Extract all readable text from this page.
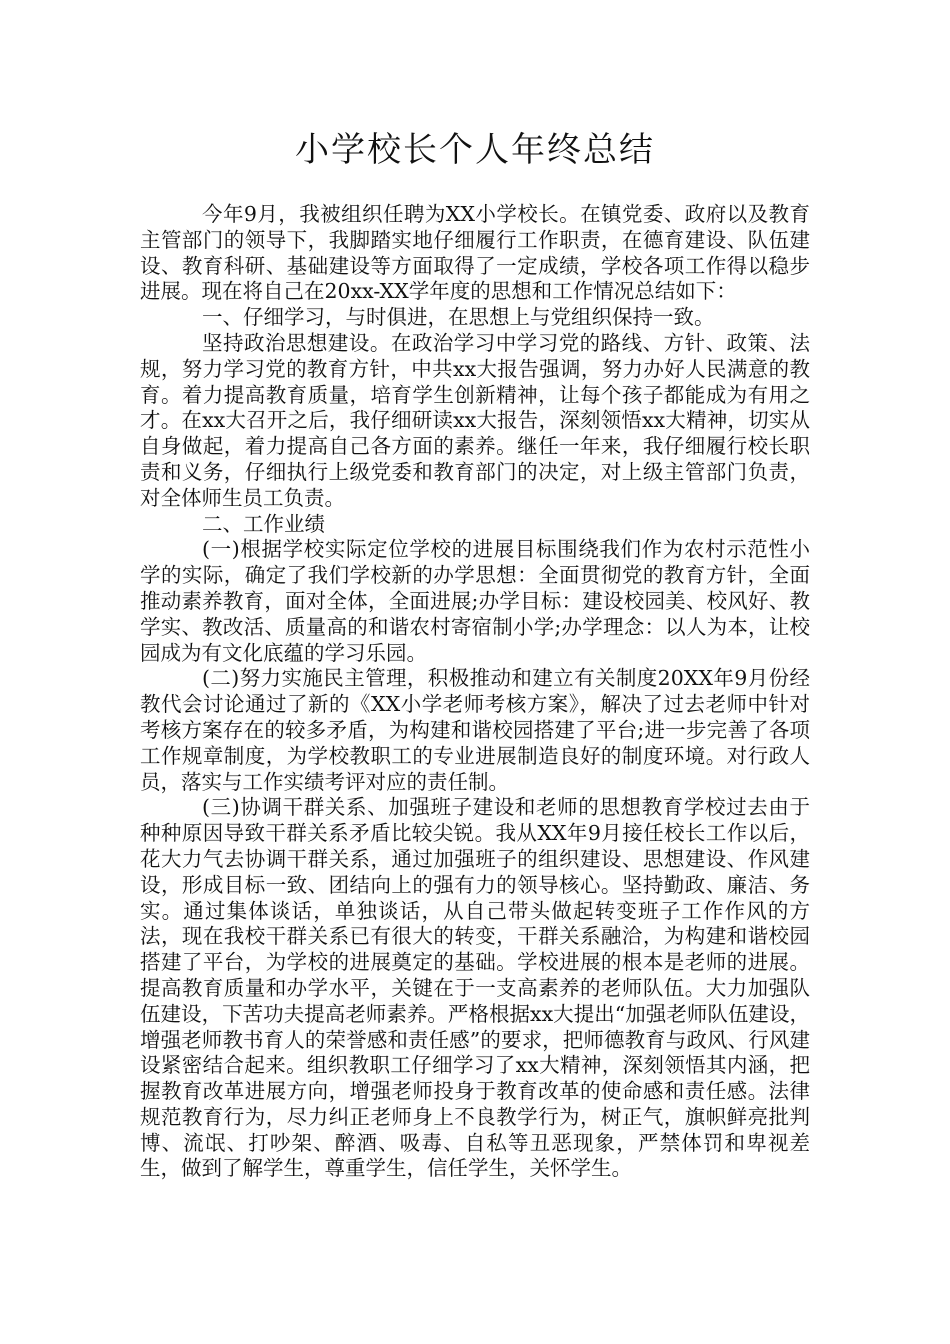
小学校长个人年终总结

今年9月，我被组织任聘为XX小学校长。在镇党委、政府以及教育主管部门的领导下，我脚踏实地仔细履行工作职责，在德育建设、队伍建设、教育科研、基础建设等方面取得了一定成绩，学校各项工作得以稳步进展。现在将自己在20xx-XX学年度的思想和工作情况总结如下：

一、仔细学习，与时俱进，在思想上与党组织保持一致。

坚持政治思想建设。在政治学习中学习党的路线、方针、政策、法规，努力学习党的教育方针，中共xx大报告强调，努力办好人民满意的教育。着力提高教育质量，培育学生创新精神，让每个孩子都能成为有用之才。在xx大召开之后，我仔细研读xx大报告，深刻领悟xx大精神，切实从自身做起，着力提高自己各方面的素养。继任一年来，我仔细履行校长职责和义务，仔细执行上级党委和教育部门的决定，对上级主管部门负责，对全体师生员工负责。

二、工作业绩

(一)根据学校实际定位学校的进展目标围绕我们作为农村示范性小学的实际，确定了我们学校新的办学思想：全面贯彻党的教育方针，全面推动素养教育，面对全体，全面进展;办学目标：建设校园美、校风好、教学实、教改活、质量高的和谐农村寄宿制小学;办学理念：以人为本，让校园成为有文化底蕴的学习乐园。

(二)努力实施民主管理，积极推动和建立有关制度20XX年9月份经教代会讨论通过了新的《XX小学老师考核方案》，解决了过去老师中针对考核方案存在的较多矛盾，为构建和谐校园搭建了平台;进一步完善了各项工作规章制度，为学校教职工的专业进展制造良好的制度环境。对行政人员，落实与工作实绩考评对应的责任制。

(三)协调干群关系、加强班子建设和老师的思想教育学校过去由于种种原因导致干群关系矛盾比较尖锐。我从XX年9月接任校长工作以后，花大力气去协调干群关系，通过加强班子的组织建设、思想建设、作风建设，形成目标一致、团结向上的强有力的领导核心。坚持勤政、廉洁、务实。通过集体谈话，单独谈话，从自己带头做起转变班子工作作风的方法，现在我校干群关系已有很大的转变，干群关系融洽，为构建和谐校园搭建了平台，为学校的进展奠定的基础。学校进展的根本是老师的进展。提高教育质量和办学水平，关键在于一支高素养的老师队伍。大力加强队伍建设，下苦功夫提高老师素养。严格根据xx大提出“加强老师队伍建设，增强老师教书育人的荣誉感和责任感”的要求，把师德教育与政风、行风建设紧密结合起来。组织教职工仔细学习了xx大精神，深刻领悟其内涵，把握教育改革进展方向，增强老师投身于教育改革的使命感和责任感。法律规范教育行为，尽力纠正老师身上不良教学行为，树正气，旗帜鲜亮批判博、流氓、打吵架、醉酒、吸毒、自私等丑恶现象，严禁体罚和卑视差生，做到了解学生，尊重学生，信任学生，关怀学生。
